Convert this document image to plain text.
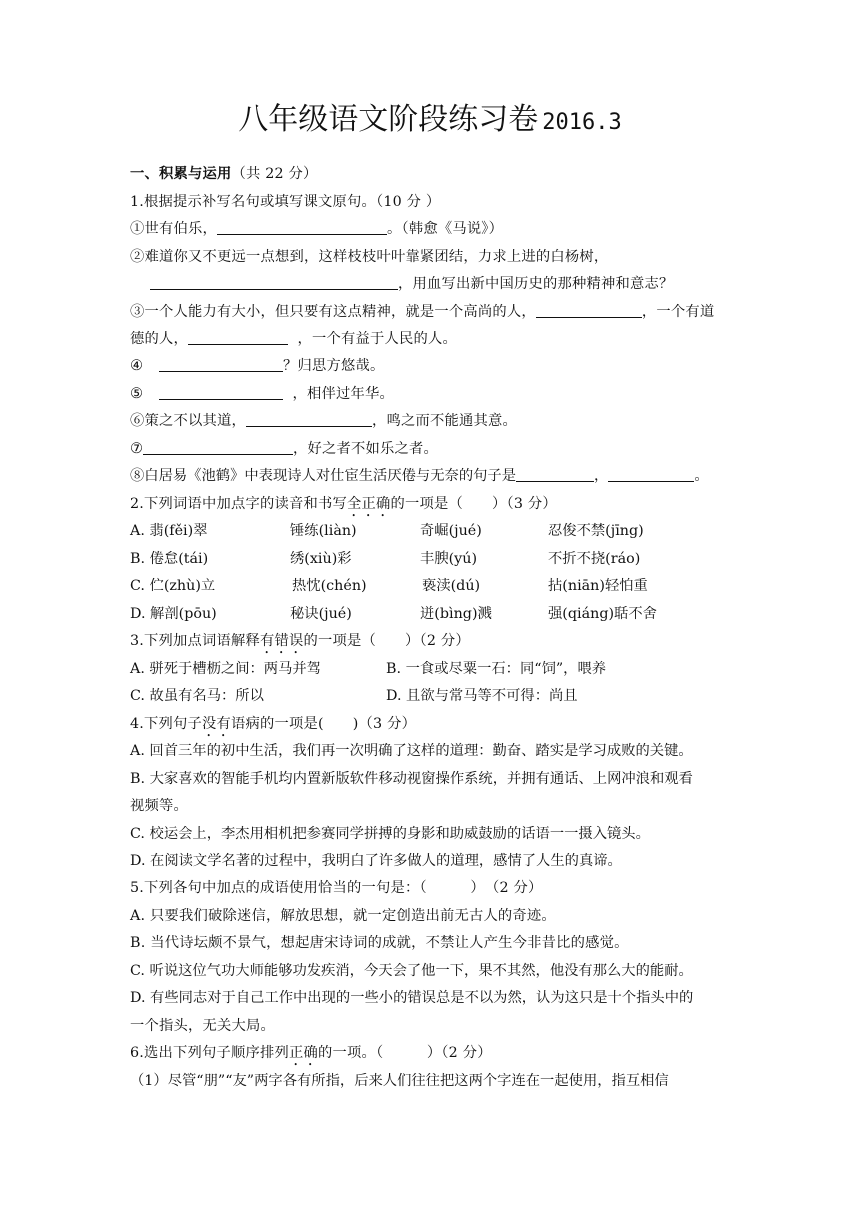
八年级语文阶段练习卷 2016.3
一、积累与运用（共 22 分）
1.根据提示补写名句或填写课文原句。（10 分 ）
①世有伯乐，	。（韩愈《马说》）
②难道你又不更远一点想到，这样枝枝叶叶靠紧团结，力求上进的白杨树，
，用血写出新中国历史的那种精神和意志？
③一个人能力有大小，但只要有这点精神，就是一个高尚的人，	，一个有道
德的人，	，一个有益于人民的人。
④	？归思方悠哉。
⑤	，相伴过年华。
⑥策之不以其道，	，鸣之而不能通其意。
⑦	，好之者不如乐之者。
⑧白居易《池鹤》中表现诗人对仕宦生活厌倦与无奈的句子是	，	。
2.下列词语中加点字的读音和书写全正确的一项是（　　）（3 分）
A. 翡(fěi)翠	锤练(liàn)	奇崛(jué)	忍俊不禁(jīng)
B. 倦怠(tái)	绣(xiù)彩	丰腴(yú)	不折不挠(ráo)
C. 伫(zhù)立	热忱(chén)	亵渎(dú)	拈(niān)轻怕重
D. 解剖(pōu)	秘诀(jué)	迸(bìng)溅	强(qiáng)聒不舍
3.下列加点词语解释有错误的一项是（　　）（2 分）
A. 骈死于槽枥之间：两马并驾	B. 一食或尽粟一石：同“饲”，喂养
C. 故虽有名马：所以	D. 且欲与常马等不可得：尚且
4.下列句子没有语病的一项是(　　)（3 分）
A. 回首三年的初中生活，我们再一次明确了这样的道理：勤奋、踏实是学习成败的关键。
B. 大家喜欢的智能手机均内置新版软件移动视窗操作系统，并拥有通话、上网冲浪和观看
视频等。
C. 校运会上，李杰用相机把参赛同学拼搏的身影和助威鼓励的话语一一摄入镜头。
D. 在阅读文学名著的过程中，我明白了许多做人的道理，感情了人生的真谛。
5.下列各句中加点的成语使用恰当的一句是：（　　　）　（2 分）
A. 只要我们破除迷信，解放思想，就一定创造出前无古人的奇迹。
B. 当代诗坛颇不景气，想起唐宋诗词的成就，不禁让人产生今非昔比的感觉。
C. 听说这位气功大师能够功发疾消，今天会了他一下，果不其然，他没有那么大的能耐。
D. 有些同志对于自己工作中出现的一些小的错误总是不以为然，认为这只是十个指头中的
一个指头，无关大局。
6.选出下列句子顺序排列正确的一项。（　　　）（2 分）
（1）尽管“朋”“友”两字各有所指，后来人们往往把这两个字连在一起使用，指互相信
